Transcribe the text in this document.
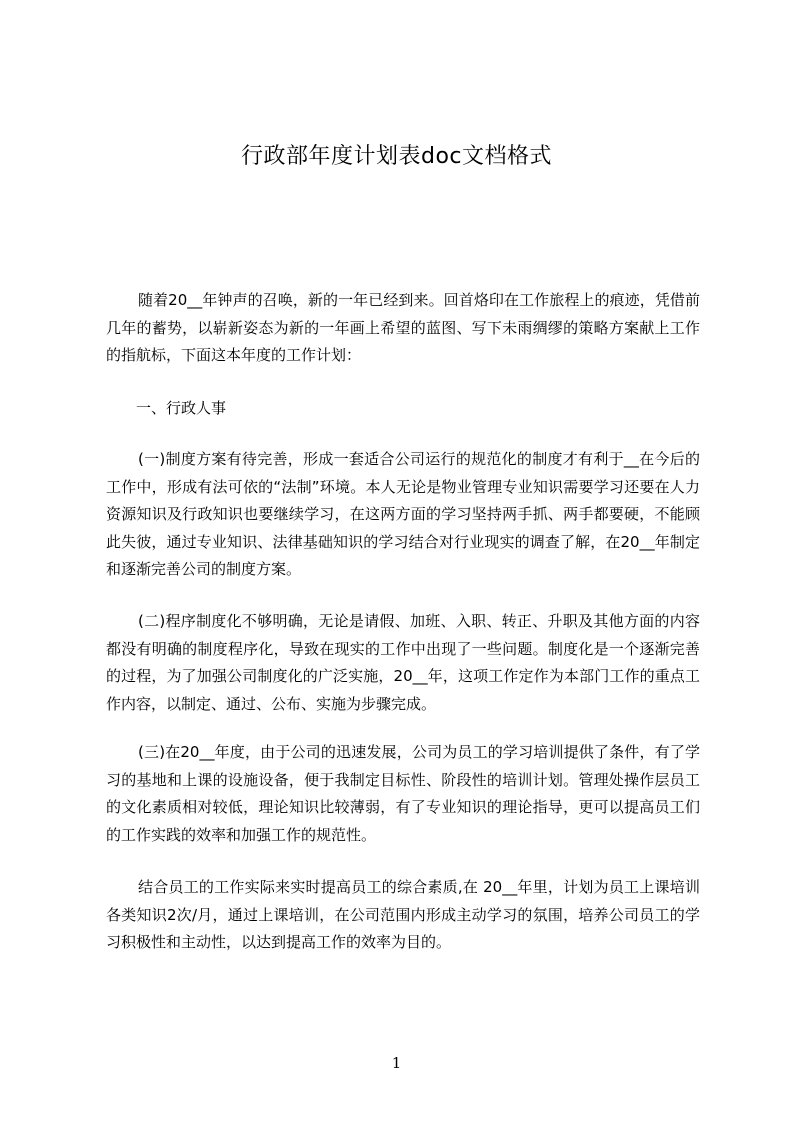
行政部年度计划表doc文档格式

随着20__年钟声的召唤，新的一年已经到来。回首烙印在工作旅程上的痕迹，凭借前几年的蓄势，以崭新姿态为新的一年画上希望的蓝图、写下未雨绸缪的策略方案献上工作的指航标，下面这本年度的工作计划：

一、行政人事

(一)制度方案有待完善，形成一套适合公司运行的规范化的制度才有利于__在今后的工作中，形成有法可依的“法制”环境。本人无论是物业管理专业知识需要学习还要在人力资源知识及行政知识也要继续学习，在这两方面的学习坚持两手抓、两手都要硬，不能顾此失彼，通过专业知识、法律基础知识的学习结合对行业现实的调查了解，在20__年制定和逐渐完善公司的制度方案。

(二)程序制度化不够明确，无论是请假、加班、入职、转正、升职及其他方面的内容都没有明确的制度程序化，导致在现实的工作中出现了一些问题。制度化是一个逐渐完善的过程，为了加强公司制度化的广泛实施，20__年，这项工作定作为本部门工作的重点工作内容，以制定、通过、公布、实施为步骤完成。

(三)在20__年度，由于公司的迅速发展，公司为员工的学习培训提供了条件，有了学习的基地和上课的设施设备，便于我制定目标性、阶段性的培训计划。管理处操作层员工的文化素质相对较低，理论知识比较薄弱，有了专业知识的理论指导，更可以提高员工们的工作实践的效率和加强工作的规范性。

结合员工的工作实际来实时提高员工的综合素质,在 20__年里，计划为员工上课培训各类知识2次/月，通过上课培训，在公司范围内形成主动学习的氛围，培养公司员工的学习积极性和主动性，以达到提高工作的效率为目的。

1
